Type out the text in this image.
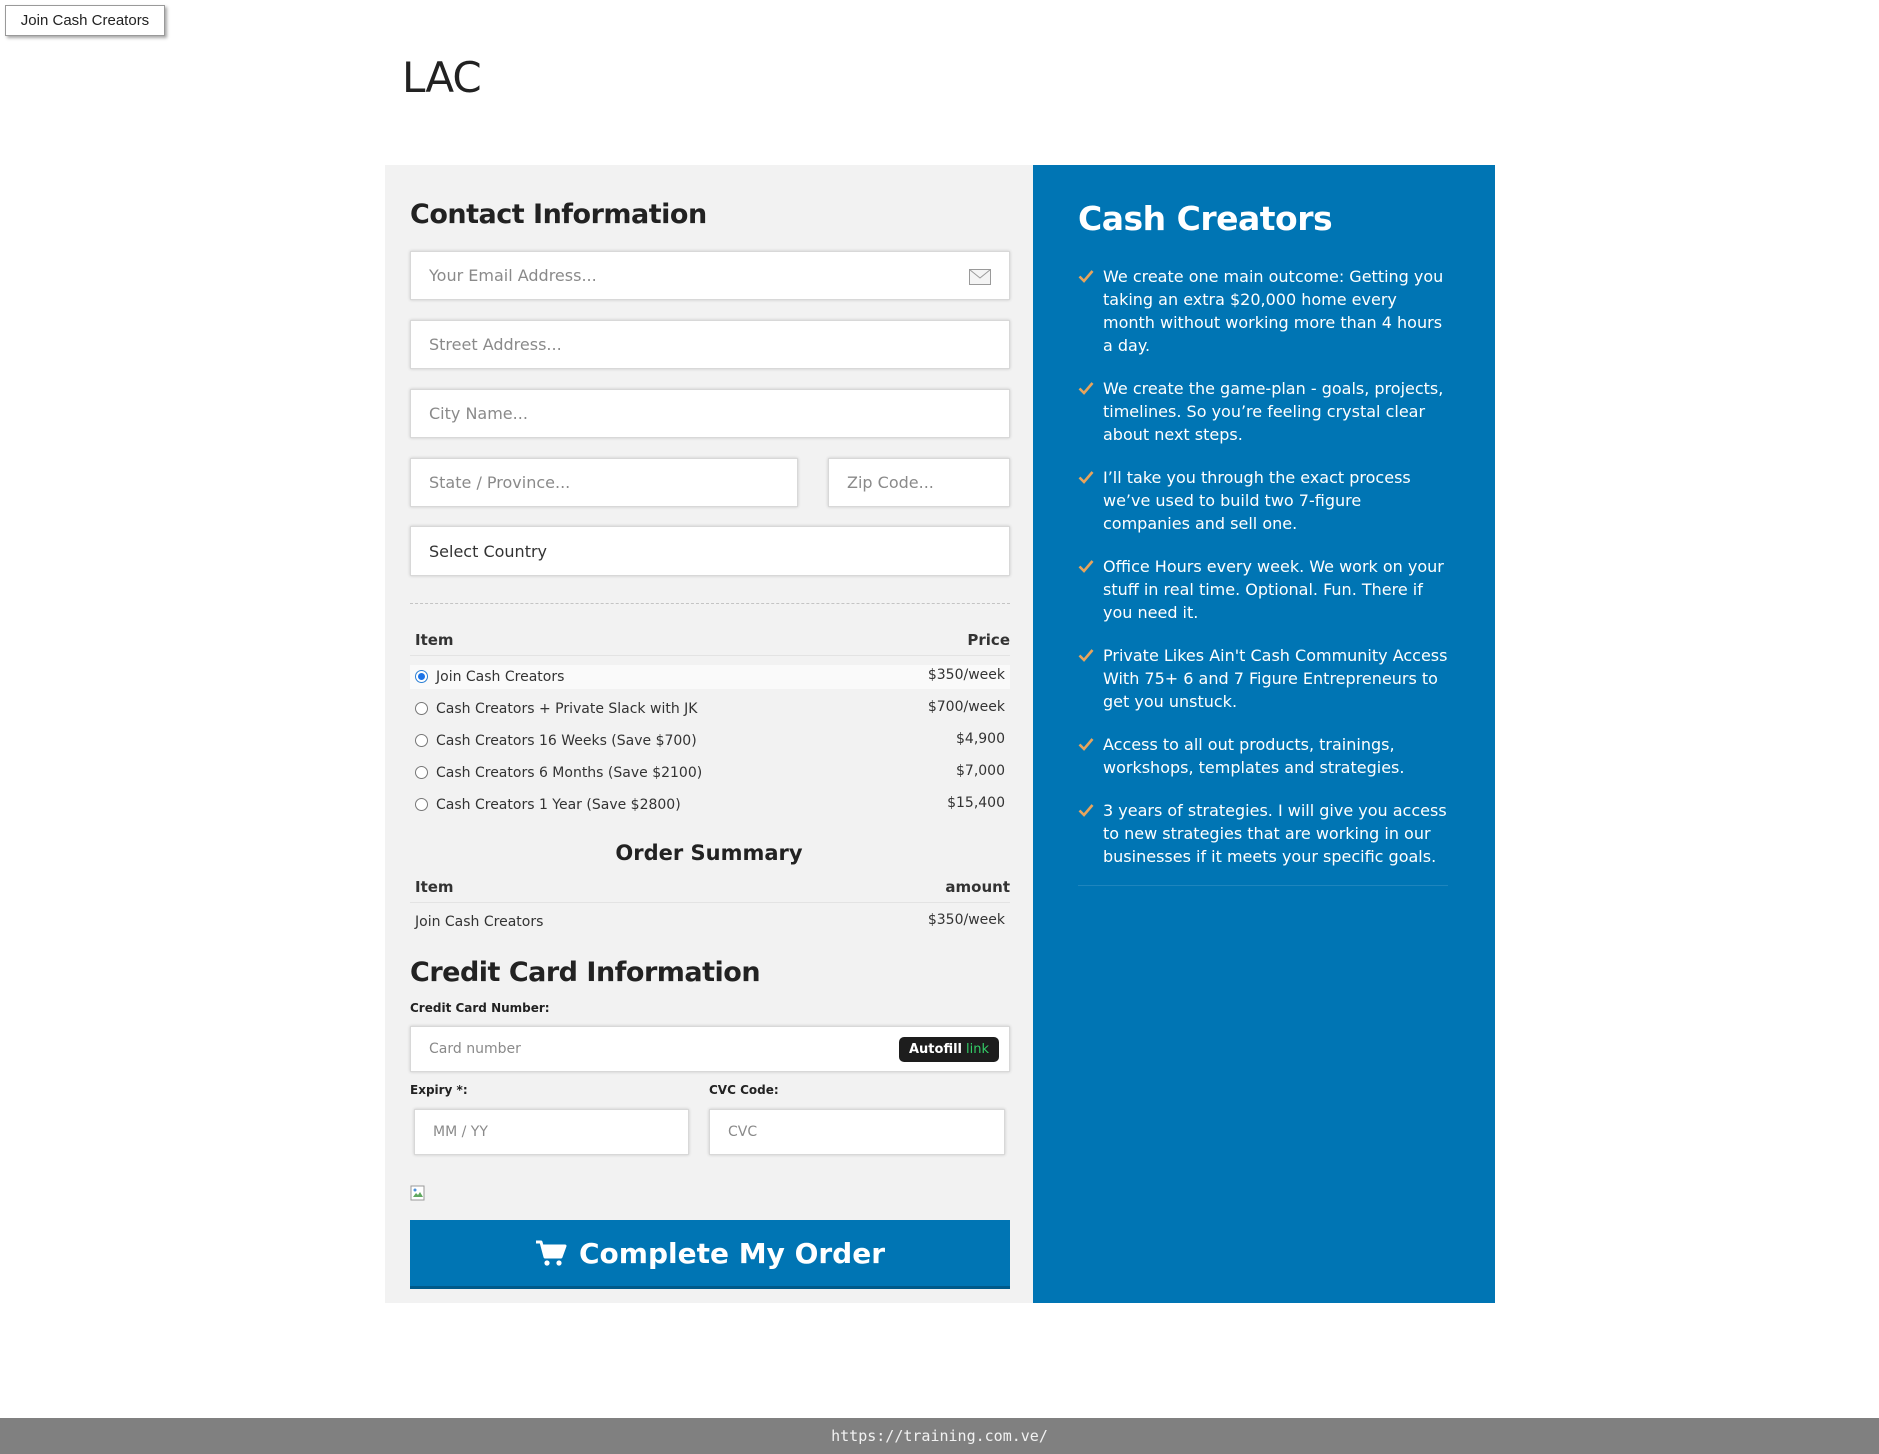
Join Cash Creators
LAC
Contact Information
Your Email Address...
Street Address...
City Name...
State / Province...	Zip Code...
Select Country
Item	Price
Join Cash Creators	$350/week
Cash Creators + Private Slack with JK	$700/week
Cash Creators 16 Weeks (Save $700)	$4,900
Cash Creators 6 Months (Save $2100)	$7,000
Cash Creators 1 Year (Save $2800)	$15,400
Order Summary
Item	amount
Join Cash Creators	$350/week
Credit Card Information
Credit Card Number:
Card number	Autofill link
Expiry *:	CVC Code:
MM / YY	CVC
Complete My Order
Cash Creators
We create one main outcome: Getting you taking an extra $20,000 home every month without working more than 4 hours a day.
We create the game-plan - goals, projects, timelines. So you’re feeling crystal clear about next steps.
I’ll take you through the exact process we’ve used to build two 7-figure companies and sell one.
Office Hours every week. We work on your stuff in real time. Optional. Fun. There if you need it.
Private Likes Ain't Cash Community Access With 75+ 6 and 7 Figure Entrepreneurs to get you unstuck.
Access to all out products, trainings, workshops, templates and strategies.
3 years of strategies. I will give you access to new strategies that are working in our businesses if it meets your specific goals.
https://training.com.ve/
